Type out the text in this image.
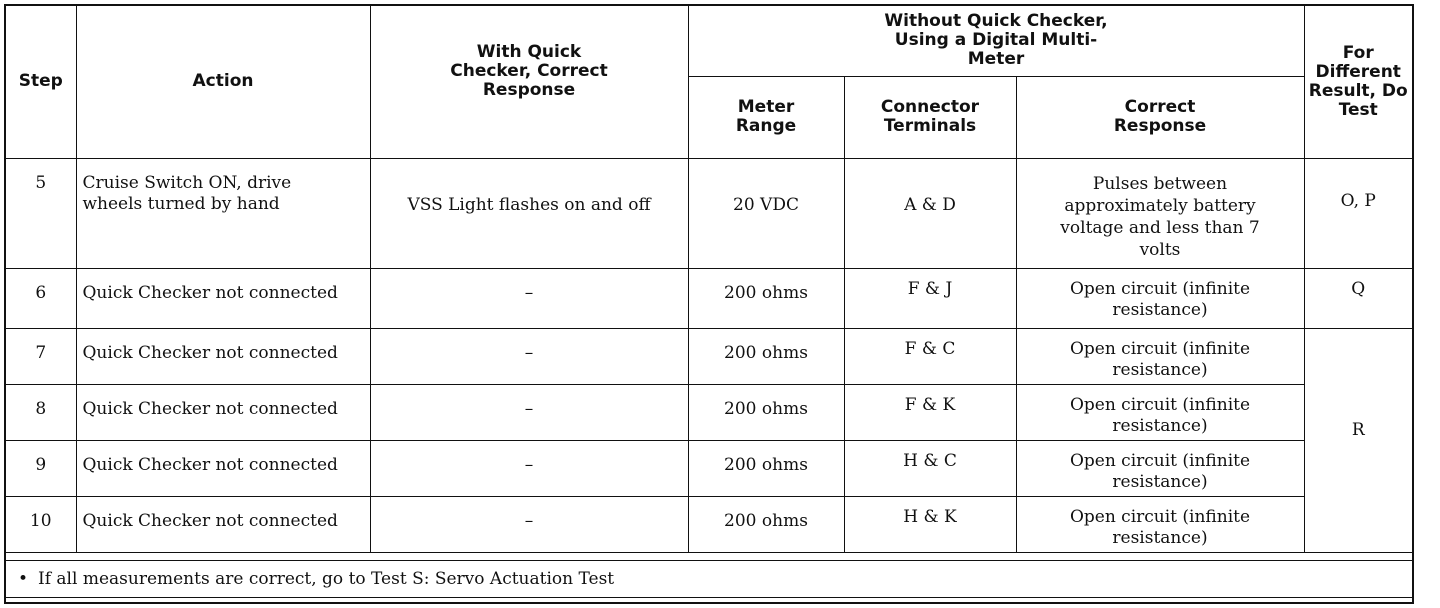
Step	Action	With Quick Checker, Correct Response	Without Quick Checker, Using a Digital Multi-Meter			For Different Result, Do Test
			Meter Range	Connector Terminals	Correct Response	
5	Cruise Switch ON, drive wheels turned by hand	VSS Light flashes on and off	20 VDC	A & D	Pulses between approximately battery voltage and less than 7 volts	O, P
6	Quick Checker not connected	–	200 ohms	F & J	Open circuit (infinite resistance)	Q
7	Quick Checker not connected	–	200 ohms	F & C	Open circuit (infinite resistance)	R
8	Quick Checker not connected	–	200 ohms	F & K	Open circuit (infinite resistance)	
9	Quick Checker not connected	–	200 ohms	H & C	Open circuit (infinite resistance)	
10	Quick Checker not connected	–	200 ohms	H & K	Open circuit (infinite resistance)	
• If all measurements are correct, go to Test S: Servo Actuation Test
